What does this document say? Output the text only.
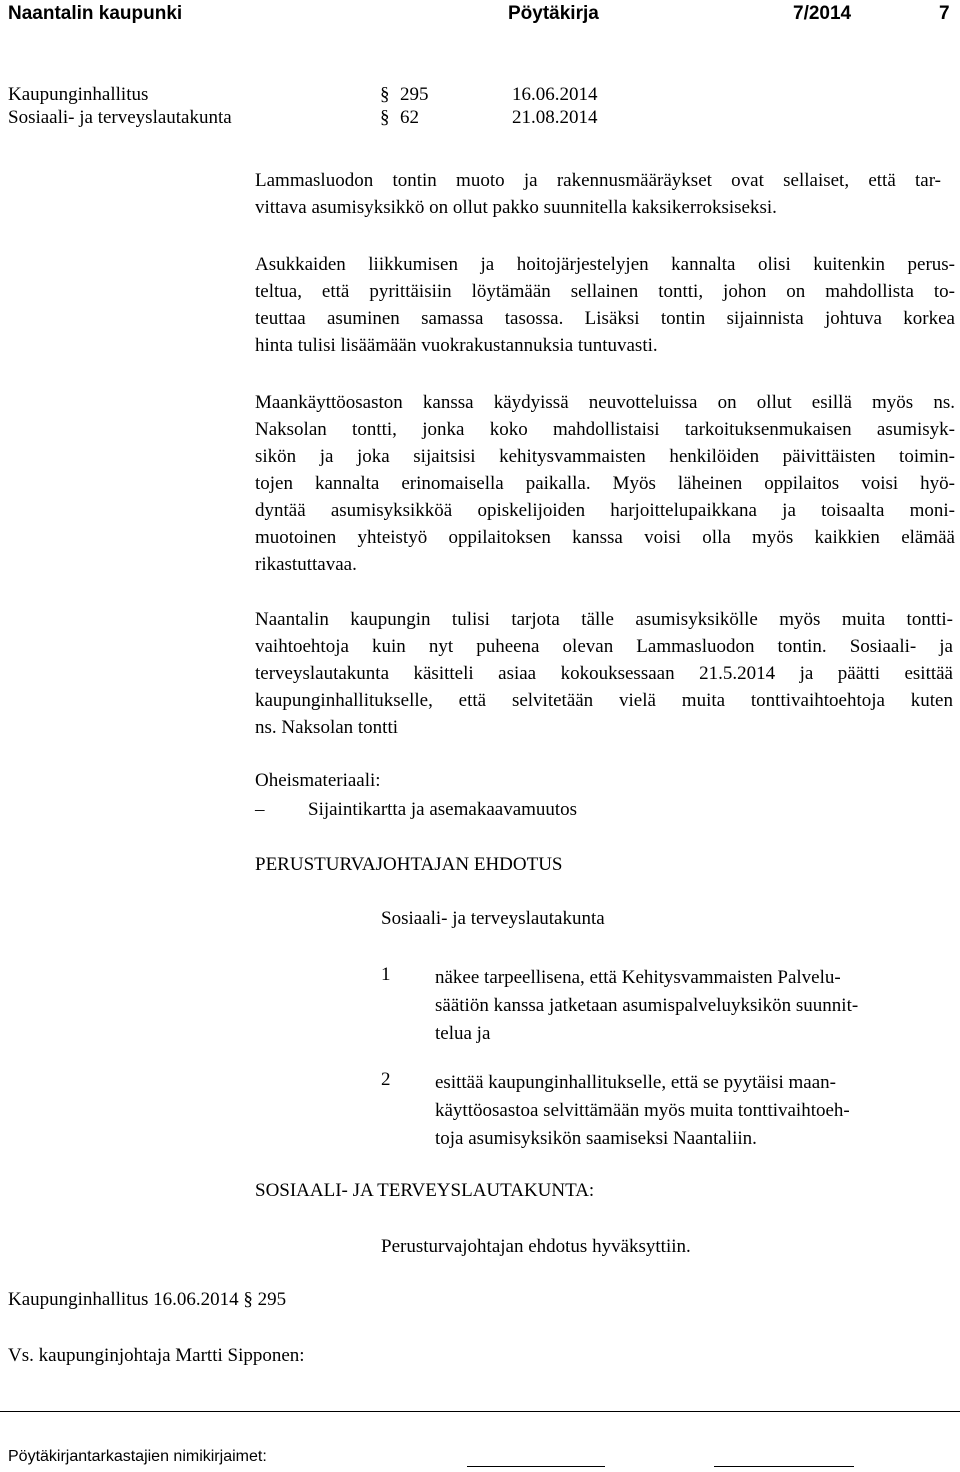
Naantalin kaupunki	Pöytäkirja	7/2014	7
Kaupunginhallitus	§ 295	16.06.2014
Sosiaali- ja terveyslautakunta	§ 62	21.08.2014
Lammasluodon tontin muoto ja rakennusmääräykset ovat sellaiset, että tar-
vittava asumisyksikkö on ollut pakko suunnitella kaksikerroksiseksi.
Asukkaiden liikkumisen ja hoitojärjestelyjen kannalta olisi kuitenkin perus-
teltua, että pyrittäisiin löytämään sellainen tontti, johon on mahdollista to-
teuttaa asuminen samassa tasossa. Lisäksi tontin sijainnista johtuva korkea
hinta tulisi lisäämään vuokrakustannuksia tuntuvasti.
Maankäyttöosaston kanssa käydyissä neuvotteluissa on ollut esillä myös ns.
Naksolan tontti, jonka koko mahdollistaisi tarkoituksenmukaisen asumisyk-
sikön ja joka sijaitsisi kehitysvammaisten henkilöiden päivittäisten toimin-
tojen kannalta erinomaisella paikalla. Myös läheinen oppilaitos voisi hyö-
dyntää asumisyksikköä opiskelijoiden harjoittelupaikkana ja toisaalta moni-
muotoinen yhteistyö oppilaitoksen kanssa voisi olla myös kaikkien elämää
rikastuttavaa.
Naantalin kaupungin tulisi tarjota tälle asumisyksikölle myös muita tontti-
vaihtoehtoja kuin nyt puheena olevan Lammasluodon tontin. Sosiaali- ja
terveyslautakunta käsitteli asiaa kokouksessaan 21.5.2014 ja päätti esittää
kaupunginhallitukselle, että selvitetään vielä muita tonttivaihtoehtoja kuten
ns. Naksolan tontti
Oheismateriaali:
– Sijaintikartta ja asemakaavamuutos
PERUSTURVAJOHTAJAN EHDOTUS
Sosiaali- ja terveyslautakunta
1 näkee tarpeellisena, että Kehitysvammaisten Palvelu-
säätiön kanssa jatketaan asumispalveluyksikön suunnit-
telua ja
2 esittää kaupunginhallitukselle, että se pyytäisi maan-
käyttöosastoa selvittämään myös muita tonttivaihtoeh-
toja asumisyksikön saamiseksi Naantaliin.
SOSIAALI- JA TERVEYSLAUTAKUNTA:
Perusturvajohtajan ehdotus hyväksyttiin.
Kaupunginhallitus 16.06.2014 § 295
Vs. kaupunginjohtaja Martti Sipponen:
Pöytäkirjantarkastajien nimikirjaimet:
